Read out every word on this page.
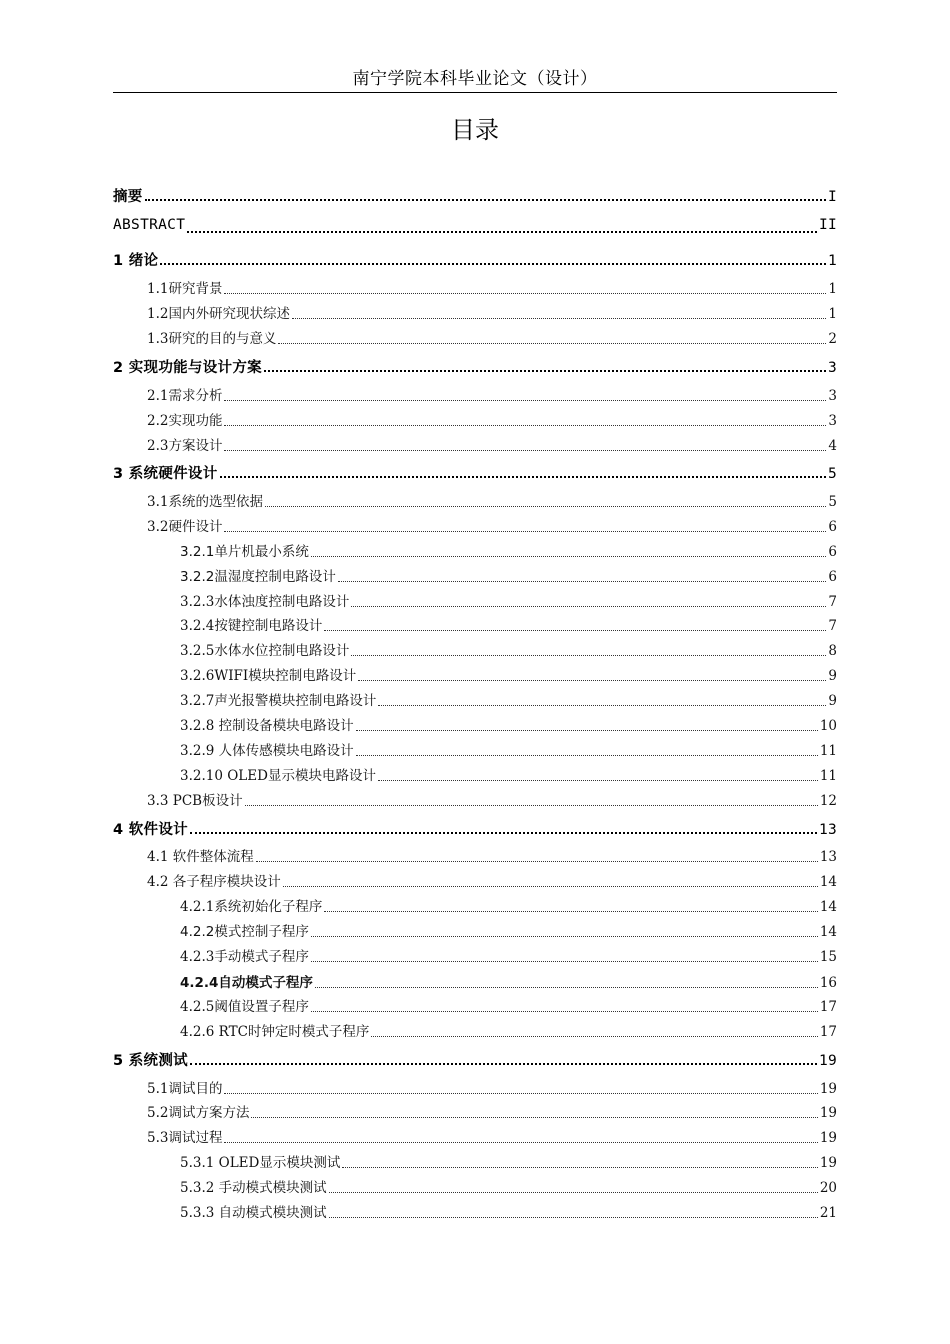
南宁学院本科毕业论文（设计）
目录
摘要	I
ABSTRACT	II
1 绪论	1
1.1研究背景	1
1.2国内外研究现状综述	1
1.3研究的目的与意义	2
2 实现功能与设计方案	3
2.1需求分析	3
2.2实现功能	3
2.3方案设计	4
3 系统硬件设计	5
3.1系统的选型依据	5
3.2硬件设计	6
3.2.1单片机最小系统	6
3.2.2温湿度控制电路设计	6
3.2.3水体浊度控制电路设计	7
3.2.4按键控制电路设计	7
3.2.5水体水位控制电路设计	8
3.2.6WIFI模块控制电路设计	9
3.2.7声光报警模块控制电路设计	9
3.2.8 控制设备模块电路设计	10
3.2.9 人体传感模块电路设计	11
3.2.10 OLED显示模块电路设计	11
3.3 PCB板设计	12
4 软件设计	13
4.1 软件整体流程	13
4.2 各子程序模块设计	14
4.2.1系统初始化子程序	14
4.2.2模式控制子程序	14
4.2.3手动模式子程序	15
4.2.4自动模式子程序	16
4.2.5阈值设置子程序	17
4.2.6 RTC时钟定时模式子程序	17
5 系统测试	19
5.1调试目的	19
5.2调试方案方法	19
5.3调试过程	19
5.3.1 OLED显示模块测试	19
5.3.2 手动模式模块测试	20
5.3.3 自动模式模块测试	21
